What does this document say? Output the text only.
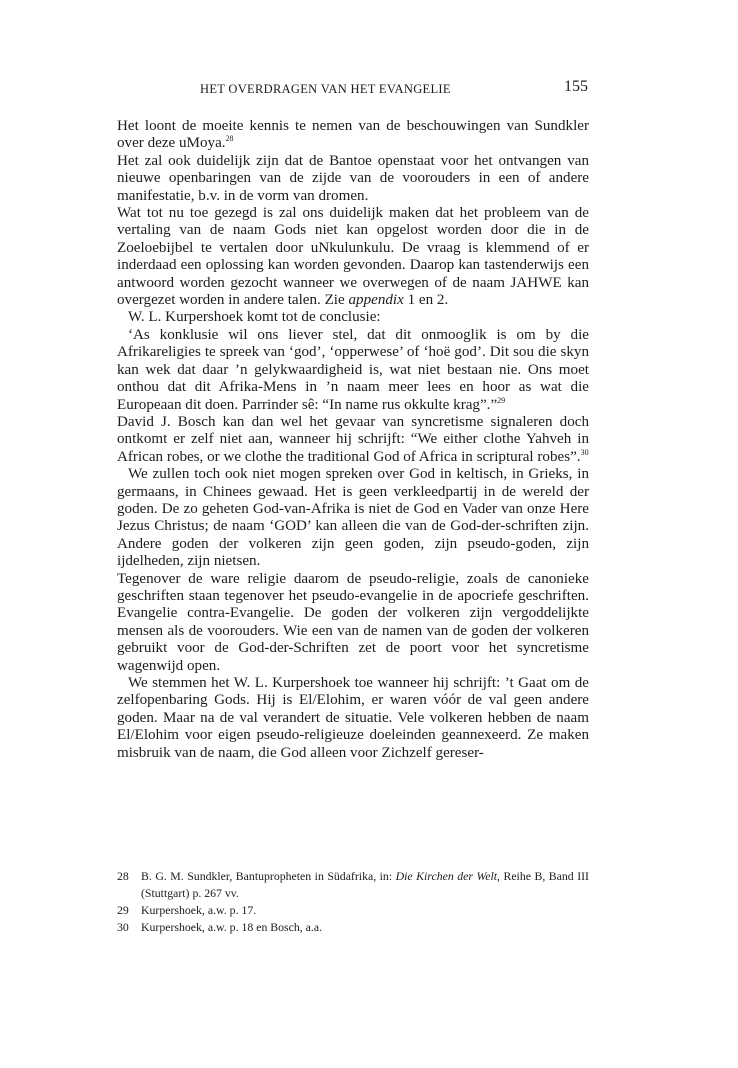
HET OVERDRAGEN VAN HET EVANGELIE	155

Het loont de moeite kennis te nemen van de beschouwingen van Sundkler over deze uMoya.$^{28}$

Het zal ook duidelijk zijn dat de Bantoe openstaat voor het ontvangen van nieuwe openbaringen van de zijde van de voorouders in een of andere manifestatie, b.v. in de vorm van dromen.

Wat tot nu toe gezegd is zal ons duidelijk maken dat het probleem van de vertaling van de naam Gods niet kan opgelost worden door die in de Zoeloebijbel te vertalen door uNkulunkulu. De vraag is klemmend of er inderdaad een oplossing kan worden gevonden. Daarop kan tastenderwijs een antwoord worden gezocht wanneer we overwegen of de naam JAHWE kan overgezet worden in andere talen. Zie appendix 1 en 2.

W. L. Kurpershoek komt tot de conclusie:

‘As konklusie wil ons liever stel, dat dit onmooglik is om by die Afrikareligies te spreek van ‘god’, ‘opperwese’ of ‘hoë god’. Dit sou die skyn kan wek dat daar ’n gelykwaardigheid is, wat niet bestaan nie. Ons moet onthou dat dit Afrika-Mens in ’n naam meer lees en hoor as wat die Europeaan dit doen. Parrinder sê: “In name rus okkulte krag”.”$^{29}$

David J. Bosch kan dan wel het gevaar van syncretisme signaleren doch ontkomt er zelf niet aan, wanneer hij schrijft: “We either clothe Yahveh in African robes, or we clothe the traditional God of Africa in scriptural robes”.$^{30}$

We zullen toch ook niet mogen spreken over God in keltisch, in Grieks, in germaans, in Chinees gewaad. Het is geen verkleedpartij in de wereld der goden. De zo geheten God-van-Afrika is niet de God en Vader van onze Here Jezus Christus; de naam ‘GOD’ kan alleen die van de God-der-schriften zijn. Andere goden der volkeren zijn geen goden, zijn pseudo-goden, zijn ijdelheden, zijn nietsen.

Tegenover de ware religie daarom de pseudo-religie, zoals de canonieke geschriften staan tegenover het pseudo-evangelie in de apocriefe geschriften. Evangelie contra-Evangelie. De goden der volkeren zijn vergoddelijkte mensen als de voorouders. Wie een van de namen van de goden der volkeren gebruikt voor de God-der-Schriften zet de poort voor het syncretisme wagenwijd open.

We stemmen het W. L. Kurpershoek toe wanneer hij schrijft: ’t Gaat om de zelfopenbaring Gods. Hij is El/Elohim, er waren vóór de val geen andere goden. Maar na de val verandert de situatie. Vele volkeren hebben de naam El/Elohim voor eigen pseudo-religieuze doeleinden geannexeerd. Ze maken misbruik van de naam, die God alleen voor Zichzelf gereser-

28	B. G. M. Sundkler, Bantupropheten in Südafrika, in: Die Kirchen der Welt, Reihe B, Band III (Stuttgart) p. 267 vv.
29	Kurpershoek, a.w. p. 17.
30	Kurpershoek, a.w. p. 18 en Bosch, a.a.
